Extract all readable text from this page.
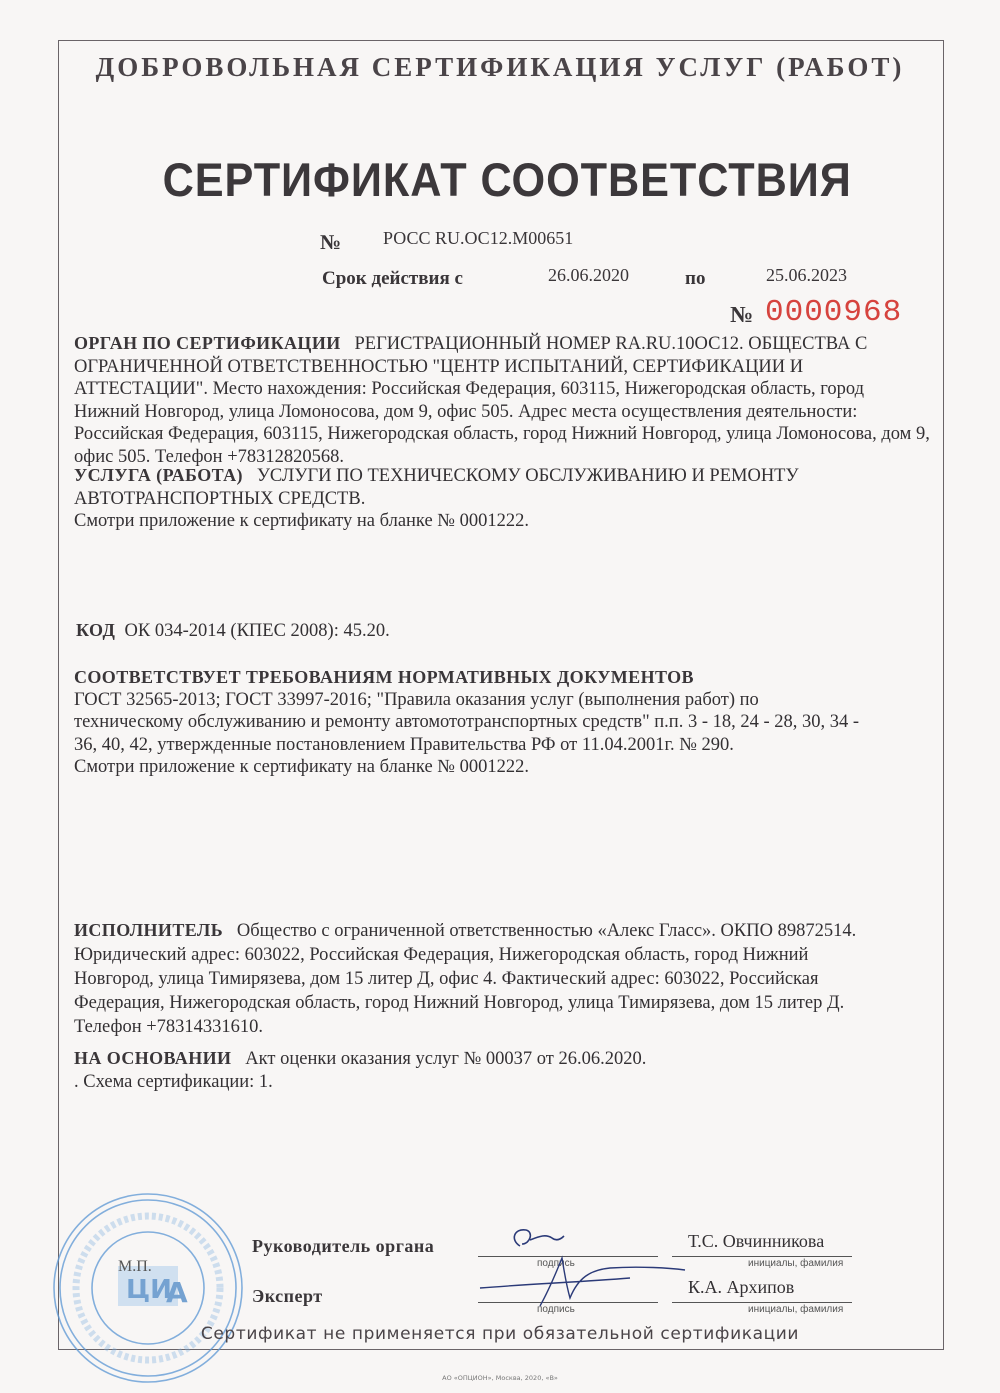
ДОБРОВОЛЬНАЯ СЕРТИФИКАЦИЯ УСЛУГ (РАБОТ)
СЕРТИФИКАТ СООТВЕТСТВИЯ
№ РОСС RU.ОС12.М00651
Срок действия с	26.06.2020	по	25.06.2023
№ 0000968
ОРГАН ПО СЕРТИФИКАЦИИ РЕГИСТРАЦИОННЫЙ НОМЕР RA.RU.10ОС12. ОБЩЕСТВА С
ОГРАНИЧЕННОЙ ОТВЕТСТВЕННОСТЬЮ "ЦЕНТР ИСПЫТАНИЙ, СЕРТИФИКАЦИИ И
АТТЕСТАЦИИ". Место нахождения: Российская Федерация, 603115, Нижегородская область, город
Нижний Новгород, улица Ломоносова, дом 9, офис 505. Адрес места осуществления деятельности:
Российская Федерация, 603115, Нижегородская область, город Нижний Новгород, улица Ломоносова, дом 9,
офис 505. Телефон +78312820568.
УСЛУГА (РАБОТА) УСЛУГИ ПО ТЕХНИЧЕСКОМУ ОБСЛУЖИВАНИЮ И РЕМОНТУ
АВТОТРАНСПОРТНЫХ СРЕДСТВ.
Смотри приложение к сертификату на бланке № 0001222.
КОД ОК 034-2014 (КПЕС 2008): 45.20.
СООТВЕТСТВУЕТ ТРЕБОВАНИЯМ НОРМАТИВНЫХ ДОКУМЕНТОВ
ГОСТ 32565-2013; ГОСТ 33997-2016; "Правила оказания услуг (выполнения работ) по
техническому обслуживанию и ремонту автомототранспортных средств" п.п. 3 - 18, 24 - 28, 30, 34 -
36, 40, 42, утвержденные постановлением Правительства РФ от 11.04.2001г. № 290.
Смотри приложение к сертификату на бланке № 0001222.
ИСПОЛНИТЕЛЬ Общество с ограниченной ответственностью «Алекс Гласс». ОКПО 89872514.
Юридический адрес: 603022, Российская Федерация, Нижегородская область, город Нижний
Новгород, улица Тимирязева, дом 15 литер Д, офис 4. Фактический адрес: 603022, Российская
Федерация, Нижегородская область, город Нижний Новгород, улица Тимирязева, дом 15 литер Д.
Телефон +78314331610.
НА ОСНОВАНИИ Акт оценки оказания услуг № 00037 от 26.06.2020.
. Схема сертификации: 1.
ЦИ
А
М.П.
Руководитель органа
подпись
Т.С. Овчинникова
инициалы, фамилия
Эксперт
подпись
К.А. Архипов
инициалы, фамилия
Сертификат не применяется при обязательной сертификации
АО «ОПЦИОН», Москва, 2020, «В»
